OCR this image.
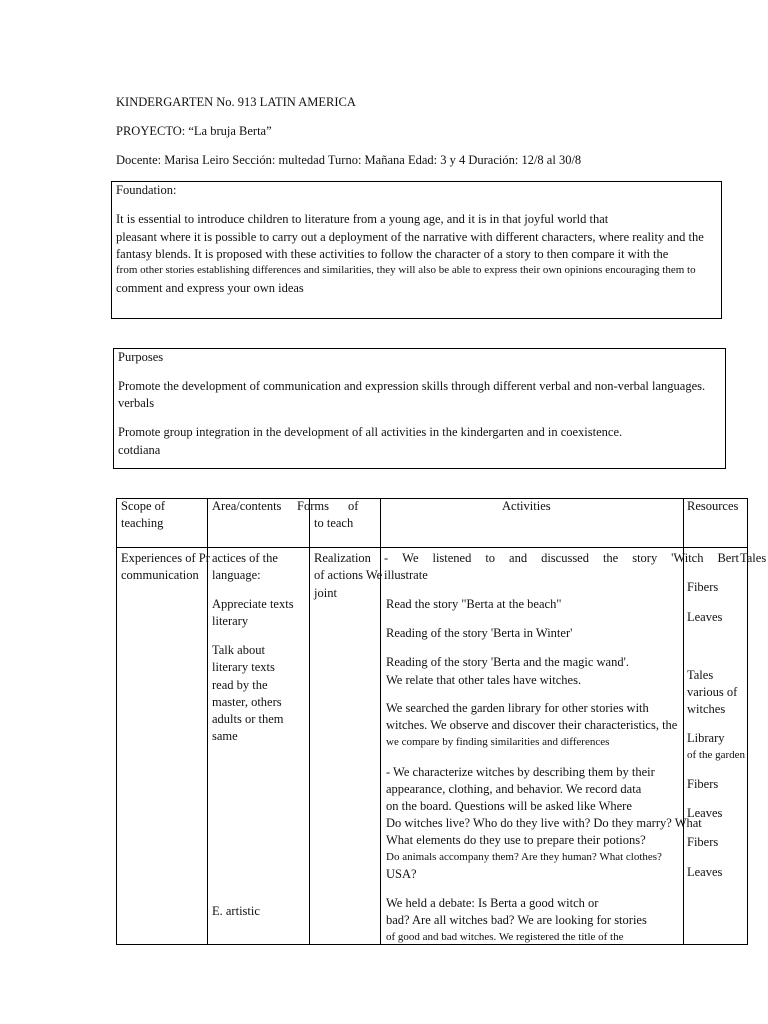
KINDERGARTEN No. 913 LATIN AMERICA
PROYECTO: “La bruja Berta”
Docente: Marisa Leiro Sección: multedad Turno: Mañana Edad: 3 y 4 Duración: 12/8 al 30/8
Foundation:
It is essential to introduce children to literature from a young age, and it is in that joyful world that
pleasant where it is possible to carry out a deployment of the narrative with different characters, where reality and the
fantasy blends. It is proposed with these activities to follow the character of a story to then compare it with the
from other stories establishing differences and similarities, they will also be able to express their own opinions encouraging them to
comment and express your own ideas
Purposes
Promote the development of communication and expression skills through different verbal and non-verbal languages.
verbals
Promote group integration in the development of all activities in the kindergarten and in coexistence.
cotdiana
Scope of
teaching
Area/contents Forms of
to teach
Activities	Resources
Experiences of Pr
communication
actices of the
language:
Appreciate texts
literary
Talk about
literary texts
read by the
master, others
adults or them
same
E. artistic
Realization
of actions We
joint
- We listened to and discussed the story 'Witch Bert
illustrate
Read the story "Berta at the beach"
Reading of the story 'Berta in Winter'
Reading of the story 'Berta and the magic wand'.
We relate that other tales have witches.
We searched the garden library for other stories with
witches. We observe and discover their characteristics, the
we compare by finding similarities and differences
- We characterize witches by describing them by their
appearance, clothing, and behavior. We record data
on the board. Questions will be asked like Where
Do witches live? Who do they live with? Do they marry? What
What elements do they use to prepare their potions?
Do animals accompany them? Are they human? What clothes?
USA?
We held a debate: Is Berta a good witch or
bad? Are all witches bad? We are looking for stories
of good and bad witches. We registered the title of the
Tales
Fibers
Leaves
Tales
various of
witches
Library
of the garden
Fibers
Leaves
Fibers
Leaves
